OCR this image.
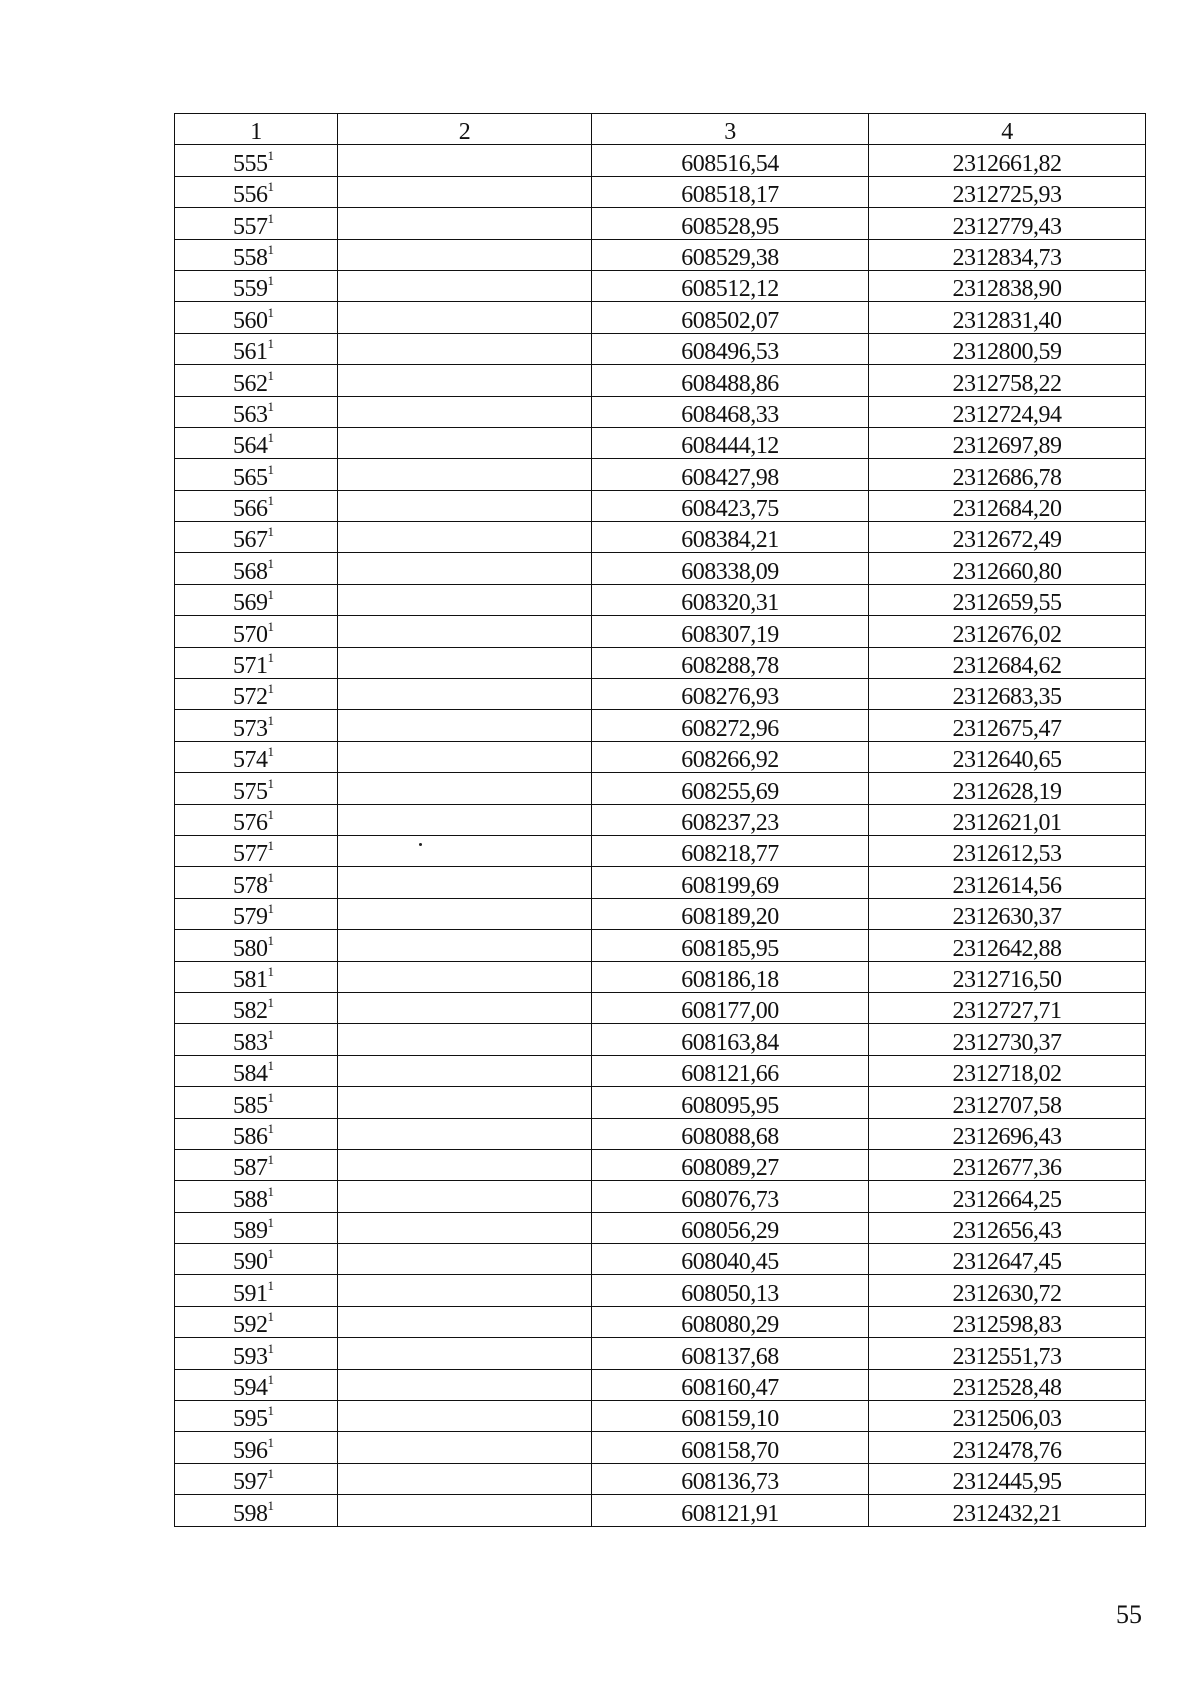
1	2	3	4
$555^1$		608516,54	2312661,82
$556^1$		608518,17	2312725,93
$557^1$		608528,95	2312779,43
$558^1$		608529,38	2312834,73
$559^1$		608512,12	2312838,90
$560^1$		608502,07	2312831,40
$561^1$		608496,53	2312800,59
$562^1$		608488,86	2312758,22
$563^1$		608468,33	2312724,94
$564^1$		608444,12	2312697,89
$565^1$		608427,98	2312686,78
$566^1$		608423,75	2312684,20
$567^1$		608384,21	2312672,49
$568^1$		608338,09	2312660,80
$569^1$		608320,31	2312659,55
$570^1$		608307,19	2312676,02
$571^1$		608288,78	2312684,62
$572^1$		608276,93	2312683,35
$573^1$		608272,96	2312675,47
$574^1$		608266,92	2312640,65
$575^1$		608255,69	2312628,19
$576^1$		608237,23	2312621,01
$577^1$		608218,77	2312612,53
$578^1$		608199,69	2312614,56
$579^1$		608189,20	2312630,37
$580^1$		608185,95	2312642,88
$581^1$		608186,18	2312716,50
$582^1$		608177,00	2312727,71
$583^1$		608163,84	2312730,37
$584^1$		608121,66	2312718,02
$585^1$		608095,95	2312707,58
$586^1$		608088,68	2312696,43
$587^1$		608089,27	2312677,36
$588^1$		608076,73	2312664,25
$589^1$		608056,29	2312656,43
$590^1$		608040,45	2312647,45
$591^1$		608050,13	2312630,72
$592^1$		608080,29	2312598,83
$593^1$		608137,68	2312551,73
$594^1$		608160,47	2312528,48
$595^1$		608159,10	2312506,03
$596^1$		608158,70	2312478,76
$597^1$		608136,73	2312445,95
$598^1$		608121,91	2312432,21
55
